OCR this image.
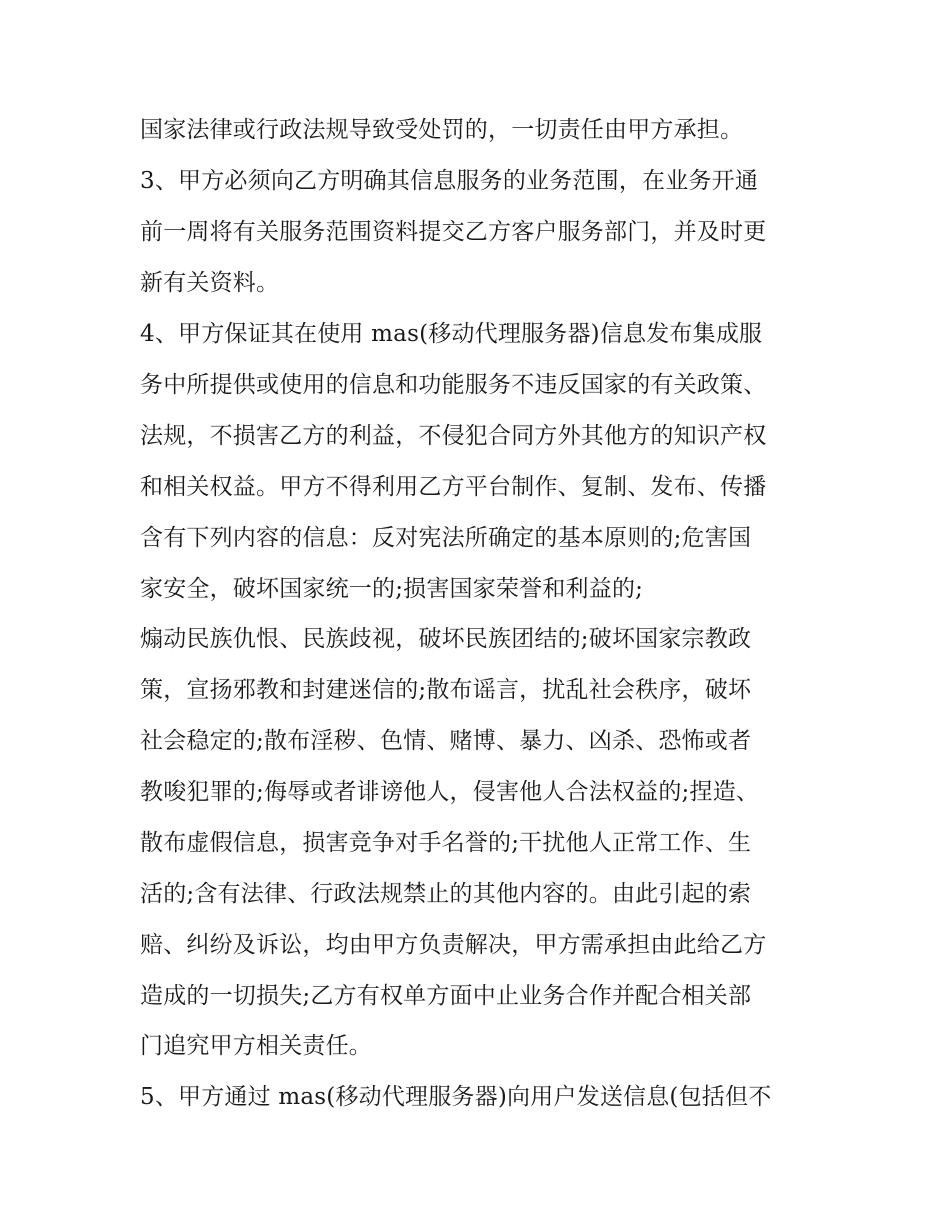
国家法律或行政法规导致受处罚的，一切责任由甲方承担。
3、甲方必须向乙方明确其信息服务的业务范围，在业务开通
前一周将有关服务范围资料提交乙方客户服务部门，并及时更
新有关资料。
4、甲方保证其在使用 mas(移动代理服务器)信息发布集成服
务中所提供或使用的信息和功能服务不违反国家的有关政策、
法规，不损害乙方的利益，不侵犯合同方外其他方的知识产权
和相关权益。甲方不得利用乙方平台制作、复制、发布、传播
含有下列内容的信息：反对宪法所确定的基本原则的;危害国
家安全，破坏国家统一的;损害国家荣誉和利益的;
煽动民族仇恨、民族歧视，破坏民族团结的;破坏国家宗教政
策，宣扬邪教和封建迷信的;散布谣言，扰乱社会秩序，破坏
社会稳定的;散布淫秽、色情、赌博、暴力、凶杀、恐怖或者
教唆犯罪的;侮辱或者诽谤他人，侵害他人合法权益的;捏造、
散布虚假信息，损害竞争对手名誉的;干扰他人正常工作、生
活的;含有法律、行政法规禁止的其他内容的。由此引起的索
赔、纠纷及诉讼，均由甲方负责解决，甲方需承担由此给乙方
造成的一切损失;乙方有权单方面中止业务合作并配合相关部
门追究甲方相关责任。
5、甲方通过 mas(移动代理服务器)向用户发送信息(包括但不
